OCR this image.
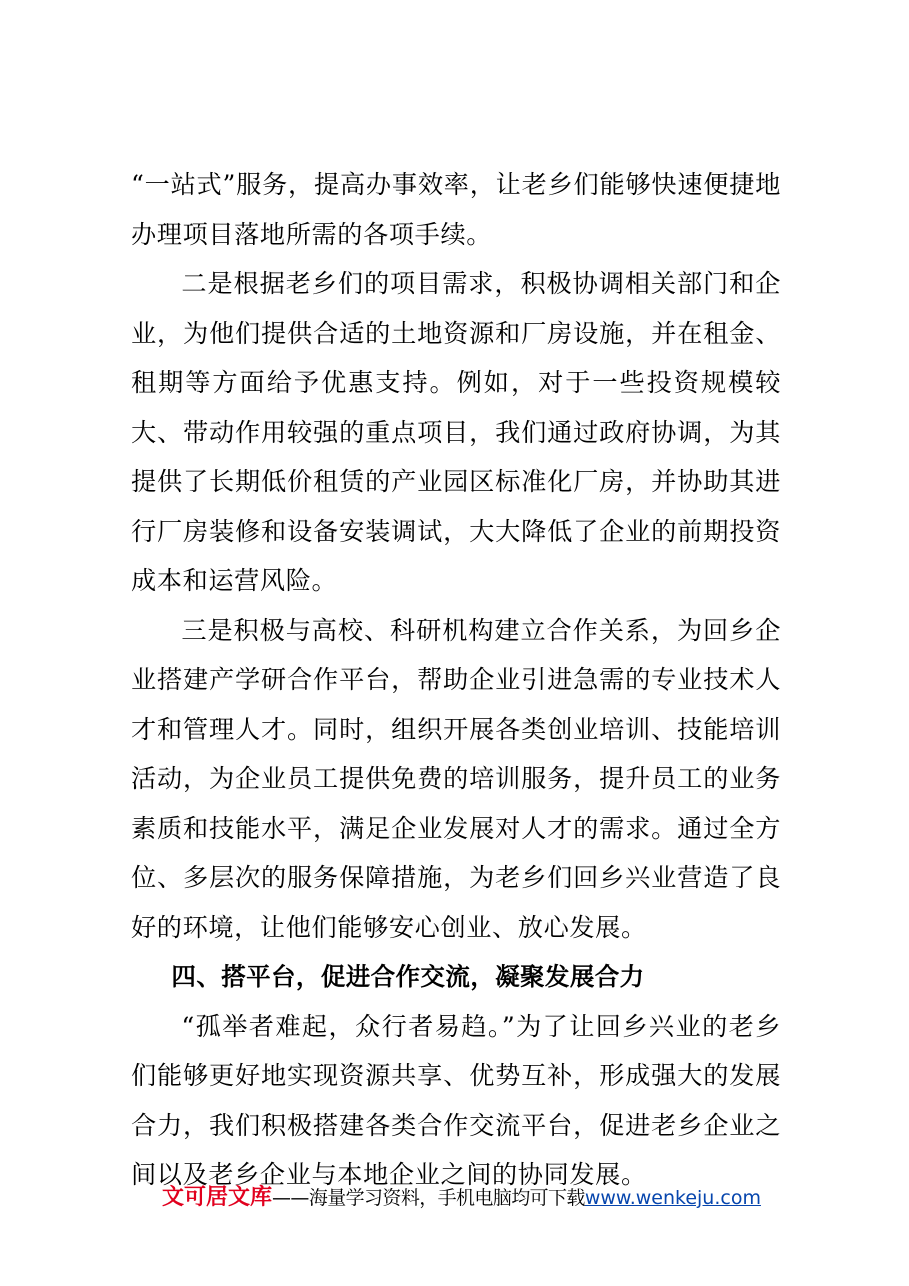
“一站式”服务，提高办事效率，让老乡们能够快速便捷地办理项目落地所需的各项手续。

二是根据老乡们的项目需求，积极协调相关部门和企业，为他们提供合适的土地资源和厂房设施，并在租金、租期等方面给予优惠支持。例如，对于一些投资规模较大、带动作用较强的重点项目，我们通过政府协调，为其提供了长期低价租赁的产业园区标准化厂房，并协助其进行厂房装修和设备安装调试，大大降低了企业的前期投资成本和运营风险。

三是积极与高校、科研机构建立合作关系，为回乡企业搭建产学研合作平台，帮助企业引进急需的专业技术人才和管理人才。同时，组织开展各类创业培训、技能培训活动，为企业员工提供免费的培训服务，提升员工的业务素质和技能水平，满足企业发展对人才的需求。通过全方位、多层次的服务保障措施，为老乡们回乡兴业营造了良好的环境，让他们能够安心创业、放心发展。

四、搭平台，促进合作交流，凝聚发展合力

“孤举者难起，众行者易趋。”为了让回乡兴业的老乡们能够更好地实现资源共享、优势互补，形成强大的发展合力，我们积极搭建各类合作交流平台，促进老乡企业之间以及老乡企业与本地企业之间的协同发展。

文可居文库——海量学习资料，手机电脑均可下载www.wenkeju.com
